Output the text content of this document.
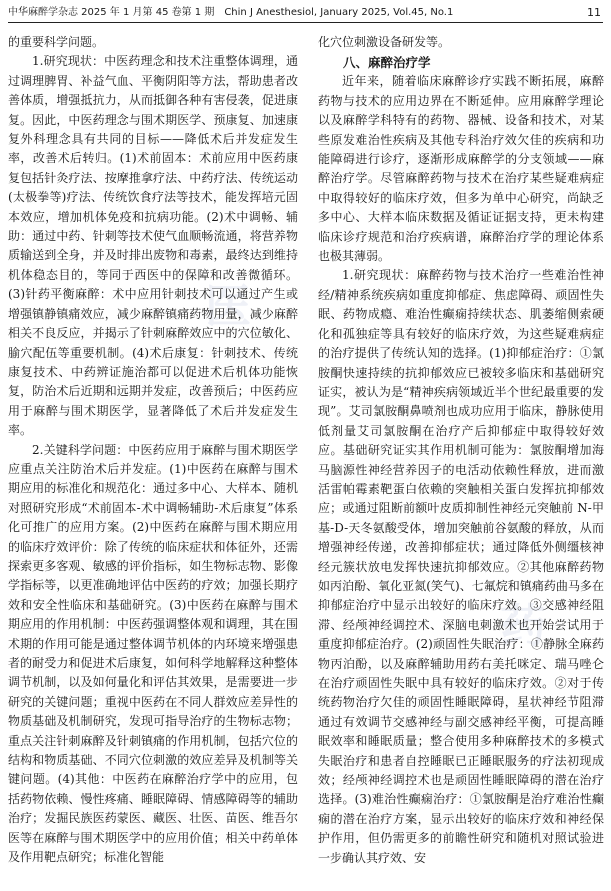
医
药
中华麻醉学杂志 2025 年 1 月第 45 卷第 1 期　Chin J Anesthesiol, January 2025, Vol.45, No.1	11

的重要科学问题。

1.研究现状：中医药理念和技术注重整体调理，通过调理脾胃、补益气血、平衡阴阳等方法，帮助患者改善体质，增强抵抗力，从而抵御各种有害侵袭，促进康复。因此，中医药理念与围术期医学、预康复、加速康复外科理念具有共同的目标——降低术后并发症发生率，改善术后转归。(1)术前固本：术前应用中医药康复包括针灸疗法、按摩推拿疗法、中药疗法、传统运动(太极拳等)疗法、传统饮食疗法等技术，能发挥培元固本效应，增加机体免疫和抗病功能。(2)术中调畅、辅助：通过中药、针刺等技术使气血顺畅流通，将营养物质输送到全身，并及时排出废物和毒素，最终达到维持机体稳态目的，等同于西医中的保障和改善微循环。(3)针药平衡麻醉：术中应用针刺技术可以通过产生或增强镇静镇痛效应，减少麻醉镇痛药物用量，减少麻醉相关不良反应，并揭示了针刺麻醉效应中的穴位敏化、腧穴配伍等重要机制。(4)术后康复：针刺技术、传统康复技术、中药辨证施治都可以促进术后机体功能恢复，防治术后近期和远期并发症，改善预后；中医药应用于麻醉与围术期医学，显著降低了术后并发症发生率。

2.关键科学问题：中医药应用于麻醉与围术期医学应重点关注防治术后并发症。(1)中医药在麻醉与围术期应用的标准化和规范化：通过多中心、大样本、随机对照研究形成“术前固本-术中调畅辅助-术后康复”体系化可推广的应用方案。(2)中医药在麻醉与围术期应用的临床疗效评价：除了传统的临床症状和体征外，还需探索更多客观、敏感的评价指标，如生物标志物、影像学指标等，以更准确地评估中医药的疗效；加强长期疗效和安全性临床和基础研究。(3)中医药在麻醉与围术期应用的作用机制：中医药强调整体观和调理，其在围术期的作用可能是通过整体调节机体的内环境来增强患者的耐受力和促进术后康复，如何科学地解释这种整体调节机制，以及如何量化和评估其效果，是需要进一步研究的关键问题；重视中医药在不同人群效应差异性的物质基础及机制研究，发现可指导治疗的生物标志物；重点关注针刺麻醉及针刺镇痛的作用机制，包括穴位的结构和物质基础、不同穴位刺激的效应差异及机制等关键问题。(4)其他：中医药在麻醉治疗学中的应用，包括药物依赖、慢性疼痛、睡眠障碍、情感障碍等的辅助治疗；发掘民族医药蒙医、藏医、壮医、苗医、维吾尔医等在麻醉与围术期医学中的应用价值；相关中药单体及作用靶点研究；标准化智能

化穴位刺激设备研发等。

八、麻醉治疗学

近年来，随着临床麻醉诊疗实践不断拓展，麻醉药物与技术的应用边界在不断延伸。应用麻醉学理论以及麻醉学科特有的药物、器械、设备和技术，对某些原发难治性疾病及其他专科治疗效欠佳的疾病和功能障碍进行诊疗，逐渐形成麻醉学的分支领域——麻醉治疗学。尽管麻醉药物与技术在治疗某些疑难病症中取得较好的临床疗效，但多为单中心研究，尚缺乏多中心、大样本临床数据及循证证据支持，更未构建临床诊疗规范和治疗疾病谱，麻醉治疗学的理论体系也极其薄弱。

1.研究现状：麻醉药物与技术治疗一些难治性神经/精神系统疾病如重度抑郁症、焦虑障碍、顽固性失眠、药物成瘾、难治性癫痫持续状态、肌萎缩侧索硬化和孤独症等具有较好的临床疗效，为这些疑难病症的治疗提供了传统认知的选择。(1)抑郁症治疗：①氯胺酮快速持续的抗抑郁效应已被较多临床和基础研究证实，被认为是“精神疾病领域近半个世纪最重要的发现”。艾司氯胺酮鼻喷剂也成功应用于临床，静脉使用低剂量艾司氯胺酮在治疗产后抑郁症中取得较好效应。基础研究证实其作用机制可能为：氯胺酮增加海马脑源性神经营养因子的电活动依赖性释放，进而激活雷帕霉素靶蛋白依赖的突触相关蛋白发挥抗抑郁效应；或通过阻断前额叶皮质抑制性神经元突触前 N-甲基-D-天冬氨酸受体，增加突触前谷氨酸的释放，从而增强神经传递，改善抑郁症状；通过降低外侧缰核神经元簇状放电发挥快速抗抑郁效应。②其他麻醉药物如丙泊酚、氧化亚氮(笑气)、七氟烷和镇痛药曲马多在抑郁症治疗中显示出较好的临床疗效。③交感神经阻滞、经颅神经调控术、深脑电刺激术也开始尝试用于重度抑郁症治疗。(2)顽固性失眠治疗：①静脉全麻药物丙泊酚，以及麻醉辅助用药右美托咪定、瑞马唑仑在治疗顽固性失眠中具有较好的临床疗效。②对于传统药物治疗欠佳的顽固性睡眠障碍，星状神经节阻滞通过有效调节交感神经与副交感神经平衡，可提高睡眠效率和睡眠质量；整合使用多种麻醉技术的多模式失眠治疗和患者自控睡眠已正睡眠服务的疗法初现成效；经颅神经调控术也是顽固性睡眠障碍的潜在治疗选择。(3)难治性癫痫治疗：①氯胺酮是治疗难治性癫痫的潜在治疗方案，显示出较好的临床疗效和神经保护作用，但仍需更多的前瞻性研究和随机对照试验进一步确认其疗效、安
